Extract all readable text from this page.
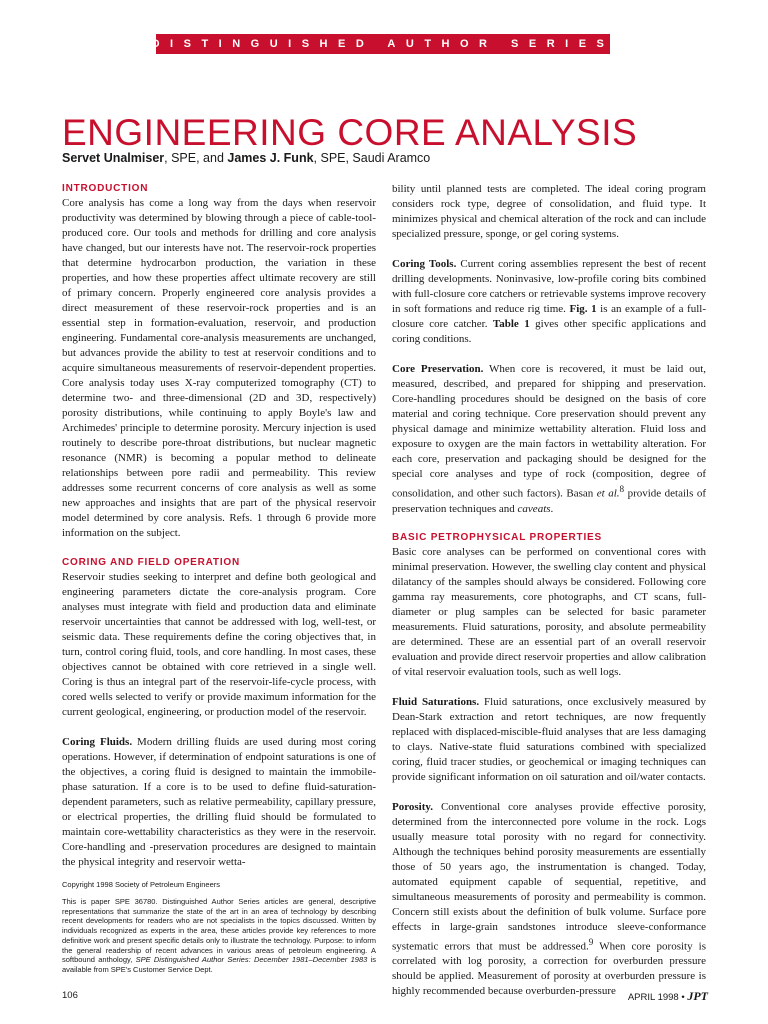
DISTINGUISHED AUTHOR SERIES
ENGINEERING CORE ANALYSIS
Servet Unalmiser, SPE, and James J. Funk, SPE, Saudi Aramco

INTRODUCTION

Core analysis has come a long way from the days when reservoir productivity was determined by blowing through a piece of cable-tool-produced core. Our tools and methods for drilling and core analysis have changed, but our interests have not. The reservoir-rock properties that determine hydrocarbon production, the variation in these properties, and how these properties affect ultimate recovery are still of primary concern. Properly engineered core analysis provides a direct measurement of these reservoir-rock properties and is an essential step in formation-evaluation, reservoir, and production engineering. Fundamental core-analysis measurements are unchanged, but advances provide the ability to test at reservoir conditions and to acquire simultaneous measurements of reservoir-dependent properties. Core analysis today uses X-ray computerized tomography (CT) to determine two- and three-dimensional (2D and 3D, respectively) porosity distributions, while continuing to apply Boyle's law and Archimedes' principle to determine porosity. Mercury injection is used routinely to describe pore-throat distributions, but nuclear magnetic resonance (NMR) is becoming a popular method to delineate relationships between pore radii and permeability. This review addresses some recurrent concerns of core analysis as well as some new approaches and insights that are part of the physical reservoir model determined by core analysis. Refs. 1 through 6 provide more information on the subject.

CORING AND FIELD OPERATION

Reservoir studies seeking to interpret and define both geological and engineering parameters dictate the core-analysis program. Core analyses must integrate with field and production data and eliminate reservoir uncertainties that cannot be addressed with log, well-test, or seismic data. These requirements define the coring objectives that, in turn, control coring fluid, tools, and core handling. In most cases, these objectives cannot be obtained with core retrieved in a single well. Coring is thus an integral part of the reservoir-life-cycle process, with cored wells selected to verify or provide maximum information for the current geological, engineering, or production model of the reservoir.

Coring Fluids. Modern drilling fluids are used during most coring operations. However, if determination of endpoint saturations is one of the objectives, a coring fluid is designed to maintain the immobile-phase saturation. If a core is to be used to define fluid-saturation-dependent parameters, such as relative permeability, capillary pressure, or electrical properties, the drilling fluid should be formulated to maintain core-wettability characteristics as they were in the reservoir. Core-handling and -preservation procedures are designed to maintain the physical integrity and reservoir wetta-

Copyright 1998 Society of Petroleum Engineers
This is paper SPE 36780. Distinguished Author Series articles are general, descriptive representations that summarize the state of the art in an area of technology by describing recent developments for readers who are not specialists in the topics discussed. Written by individuals recognized as experts in the area, these articles provide key references to more definitive work and present specific details only to illustrate the technology. Purpose: to inform the general readership of recent advances in various areas of petroleum engineering. A softbound anthology, SPE Distinguished Author Series: December 1981–December 1983 is available from SPE's Customer Service Dept.

bility until planned tests are completed. The ideal coring program considers rock type, degree of consolidation, and fluid type. It minimizes physical and chemical alteration of the rock and can include specialized pressure, sponge, or gel coring systems.

Coring Tools. Current coring assemblies represent the best of recent drilling developments. Noninvasive, low-profile coring bits combined with full-closure core catchers or retrievable systems improve recovery in soft formations and reduce rig time. Fig. 1 is an example of a full-closure core catcher. Table 1 gives other specific applications and coring conditions.

Core Preservation. When core is recovered, it must be laid out, measured, described, and prepared for shipping and preservation. Core-handling procedures should be designed on the basis of core material and coring technique. Core preservation should prevent any physical damage and minimize wettability alteration. Fluid loss and exposure to oxygen are the main factors in wettability alteration. For each core, preservation and packaging should be designed for the special core analyses and type of rock (composition, degree of consolidation, and other such factors). Basan et al.$^8$ provide details of preservation techniques and caveats.

BASIC PETROPHYSICAL PROPERTIES

Basic core analyses can be performed on conventional cores with minimal preservation. However, the swelling clay content and physical dilatancy of the samples should always be considered. Following core gamma ray measurements, core photographs, and CT scans, full-diameter or plug samples can be selected for basic parameter measurements. Fluid saturations, porosity, and absolute permeability are determined. These are an essential part of an overall reservoir evaluation and provide direct reservoir properties and allow calibration of vital reservoir evaluation tools, such as well logs.

Fluid Saturations. Fluid saturations, once exclusively measured by Dean-Stark extraction and retort techniques, are now frequently replaced with displaced-miscible-fluid analyses that are less damaging to clays. Native-state fluid saturations combined with specialized coring, fluid tracer studies, or geochemical or imaging techniques can provide significant information on oil saturation and oil/water contacts.

Porosity. Conventional core analyses provide effective porosity, determined from the interconnected pore volume in the rock. Logs usually measure total porosity with no regard for connectivity. Although the techniques behind porosity measurements are essentially those of 50 years ago, the instrumentation is changed. Today, automated equipment capable of sequential, repetitive, and simultaneous measurements of porosity and permeability is common. Concern still exists about the definition of bulk volume. Surface pore effects in large-grain sandstones introduce sleeve-conformance systematic errors that must be addressed.$^9$ When core porosity is correlated with log porosity, a correction for overburden pressure should be applied. Measurement of porosity at overburden pressure is highly recommended because overburden-pressure

106	APRIL 1998 • JPT
